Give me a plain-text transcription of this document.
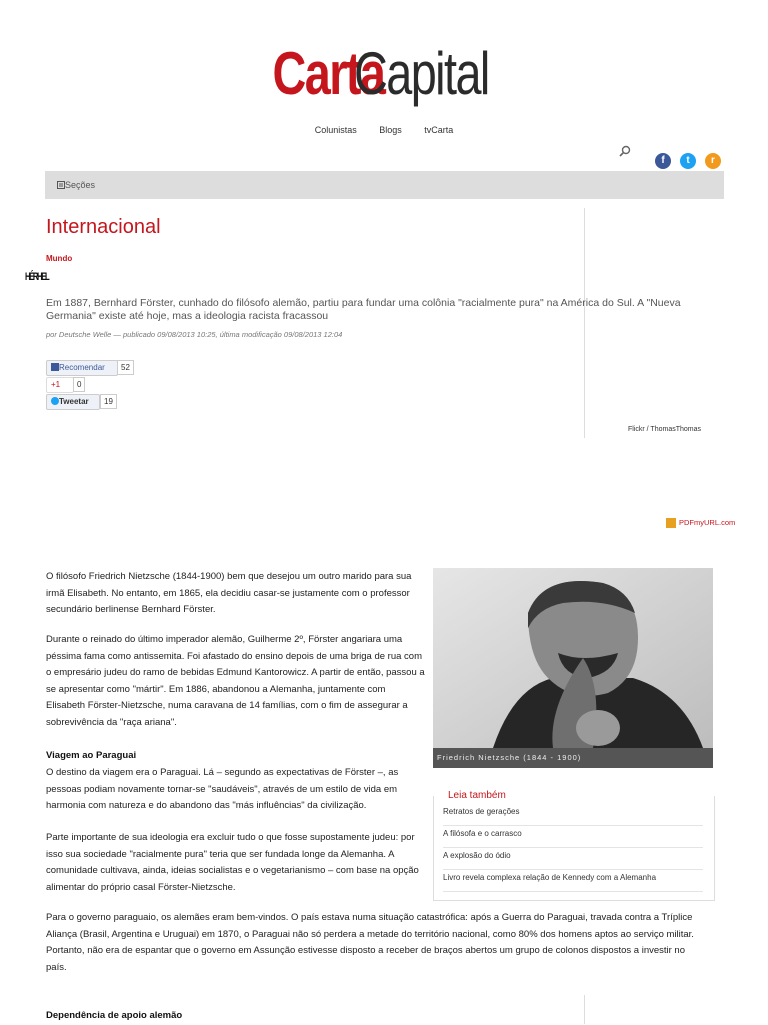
CartaCapital
Colunistas	Blogs	tvCarta
f	t	r
Seções
Internacional
Mundo
HÉRHEL
Em 1887, Bernhard Förster, cunhado do filósofo alemão, partiu para fundar uma colônia "racialmente pura" na América do Sul. A "Nueva Germania" existe até hoje, mas a ideologia racista fracassou
por Deutsche Welle — publicado 09/08/2013 10:25, última modificação 09/08/2013 12:04
Recomendar	52
+1	0
Tweetar	19
Flickr / ThomasThomas
PDFmyURL.com
O filósofo Friedrich Nietzsche (1844-1900) bem que desejou um outro marido para sua irmã Elisabeth. No entanto, em 1865, ela decidiu casar-se justamente com o professor secundário berlinense Bernhard Förster.
Durante o reinado do último imperador alemão, Guilherme 2º, Förster angariara uma péssima fama como antissemita. Foi afastado do ensino depois de uma briga de rua com o empresário judeu do ramo de bebidas Edmund Kantorowicz. A partir de então, passou a se apresentar como "mártir". Em 1886, abandonou a Alemanha, juntamente com Elisabeth Förster-Nietzsche, numa caravana de 14 famílias, com o fim de assegurar a sobrevivência da "raça ariana".
Viagem ao Paraguai
O destino da viagem era o Paraguai. Lá – segundo as expectativas de Förster –, as pessoas podiam novamente tornar-se "saudáveis", através de um estilo de vida em harmonia com natureza e do abandono das "más influências" da civilização.
Parte importante de sua ideologia era excluir tudo o que fosse supostamente judeu: por isso sua sociedade "racialmente pura" teria que ser fundada longe da Alemanha. A comunidade cultivava, ainda, ideias socialistas e o vegetarianismo – com base na opção alimentar do próprio casal Förster-Nietzsche.
Para o governo paraguaio, os alemães eram bem-vindos. O país estava numa situação catastrófica: após a Guerra do Paraguai, travada contra a Tríplice Aliança (Brasil, Argentina e Uruguai) em 1870, o Paraguai não só perdera a metade do território nacional, como 80% dos homens aptos ao serviço militar. Portanto, não era de espantar que o governo em Assunção estivesse disposto a receber de braços abertos um grupo de colonos dispostos a investir no país.
Dependência de apoio alemão
Friedrich Nietzsche (1844 - 1900)
Retratos de gerações
A filósofa e o carrasco
A explosão do ódio
Livro revela complexa relação de Kennedy com a Alemanha
Leia também
